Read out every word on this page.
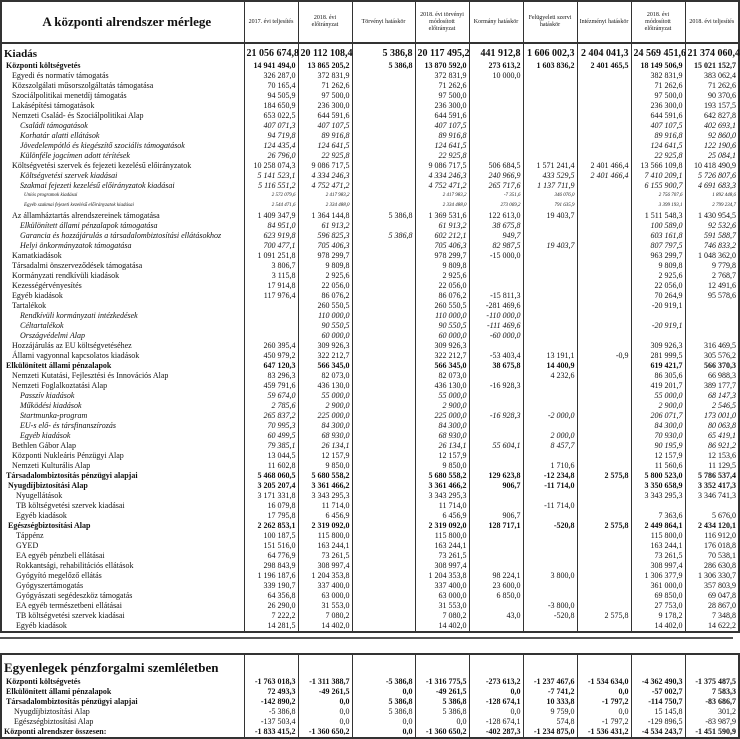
A központi alrendszer mérlege	2017. évi teljesítés	2018. évi előirányzat	Törvényi hatáskör	2018. évi törvényi módosított előirányzat	Kormány hatáskör	Felügyeleti szervi hatáskör	Intézményi hatáskör	2018. évi módosított előirányzat	2018. évi teljesítés
Kiadás	21 056 674,8	20 112 108,4	5 386,8	20 117 495,2	441 912,8	1 606 002,3	2 404 041,3	24 569 451,6	21 374 060,4
Központi költségvetés	14 941 494,0	13 865 205,2	5 386,8	13 870 592,0	273 613,2	1 603 836,2	2 401 465,5	18 149 506,9	15 021 152,7
Egyedi és normatív támogatás	326 287,0	372 831,9		372 831,9	10 000,0			382 831,9	383 062,4
Közszolgálati műsorszolgáltatás támogatása	70 165,4	71 262,6		71 262,6				71 262,6	71 262,6
Szociálpolitikai menetdíj támogatás	94 505,9	97 500,0		97 500,0				97 500,0	90 370,6
Lakásépítési támogatások	184 650,9	236 300,0		236 300,0				236 300,0	193 157,5
Nemzeti Család- és Szociálpolitikai Alap	653 022,5	644 591,6		644 591,6				644 591,6	642 827,8
Családi támogatások	407 071,3	407 107,5		407 107,5				407 107,5	402 693,1
Korhatár alatti ellátások	94 719,8	89 916,8		89 916,8				89 916,8	92 860,0
Jövedelempótló és kiegészítő szociális támogatások	124 435,4	124 641,5		124 641,5				124 641,5	122 190,6
Különféle jogcímen adott térítések	26 796,0	22 925,8		22 925,8				22 925,8	25 084,1
Költségvetési szervek és fejezeti kezelésű előirányzatok	10 258 074,3	9 086 717,5		9 086 717,5	506 684,5	1 571 241,4	2 401 466,4	13 566 109,8	10 418 490,9
Költségvetési szervek kiadásai	5 141 523,1	4 334 246,3		4 334 246,3	240 966,9	433 529,5	2 401 466,4	7 410 209,1	5 726 807,6
Szakmai fejezeti kezelésű előirányzatok kiadásai	5 116 551,2	4 752 471,2		4 752 471,2	265 717,6	1 137 711,9		6 155 900,7	4 691 683,3
Uniós programok kiadásai	2 572 079,6	2 417 983,2		2 417 983,2	-7 351,6	346 076,0		2 756 707,6	1 892 448,6
Egyéb szakmai fejezeti kezelésű előirányzatok kiadásai	2 544 471,6	2 334 488,0		2 334 488,0	273 069,2	791 635,9		3 399 193,1	2 799 234,7
Az államháztartás alrendszereinek támogatása	1 409 347,9	1 364 144,8	5 386,8	1 369 531,6	122 613,0	19 403,7		1 511 548,3	1 430 954,5
Elkülönített állami pénzalapok támogatása	84 951,0	61 913,2		61 913,2	38 675,8			100 589,0	92 532,6
Garancia és hozzájárulás a társadalombiztosítási ellátásokhoz	623 919,8	596 825,3	5 386,8	602 212,1	949,7			603 161,8	591 588,7
Helyi önkormányzatok támogatása	700 477,1	705 406,3		705 406,3	82 987,5	19 403,7		807 797,5	746 833,2
Kamatkiadások	1 091 251,8	978 299,7		978 299,7	-15 000,0			963 299,7	1 048 362,0
Társadalmi önszerveződések támogatása	3 806,7	9 809,8		9 809,8				9 809,8	9 779,8
Kormányzati rendkívüli kiadások	3 115,8	2 925,6		2 925,6				2 925,6	2 768,7
Kezességérvényesítés	17 914,8	22 056,0		22 056,0				22 056,0	12 491,6
Egyéb kiadások	117 976,4	86 076,2		86 076,2	-15 811,3			70 264,9	95 578,6
Tartalékok		260 550,5		260 550,5	-281 469,6			-20 919,1	
Rendkívüli kormányzati intézkedések		110 000,0		110 000,0	-110 000,0				
Céltartalékok		90 550,5		90 550,5	-111 469,6			-20 919,1	
Országvédelmi Alap		60 000,0		60 000,0	-60 000,0				
Hozzájárulás az EU költségvetéséhez	260 395,4	309 926,3		309 926,3				309 926,3	316 469,5
Állami vagyonnal kapcsolatos kiadások	450 979,2	322 212,7		322 212,7	-53 403,4	13 191,1	-0,9	281 999,5	305 576,2
Elkülönített állami pénzalapok	647 120,3	566 345,0		566 345,0	38 675,8	14 400,9		619 421,7	566 370,3
Nemzeti Kutatási, Fejlesztési és Innovációs Alap	83 296,3	82 073,0		82 073,0		4 232,6		86 305,6	66 988,3
Nemzeti Foglalkoztatási Alap	459 791,6	436 130,0		436 130,0	-16 928,3			419 201,7	389 177,7
Passzív kiadások	59 674,0	55 000,0		55 000,0				55 000,0	68 147,3
Működési kiadások	2 785,6	2 900,0		2 900,0				2 900,0	2 546,5
Startmunka-program	265 837,2	225 000,0		225 000,0	-16 928,3	-2 000,0		206 071,7	173 001,0
EU-s elő- és társfinanszírozás	70 995,3	84 300,0		84 300,0				84 300,0	80 063,8
Egyéb kiadások	60 499,5	68 930,0		68 930,0		2 000,0		70 930,0	65 419,1
Bethlen Gábor Alap	79 385,1	26 134,1		26 134,1	55 604,1	8 457,7		90 195,9	86 921,2
Központi Nukleáris Pénzügyi Alap	13 044,5	12 157,9		12 157,9				12 157,9	12 153,6
Nemzeti Kulturális Alap	11 602,8	9 850,0		9 850,0		1 710,6		11 560,6	11 129,5
Társadalombiztosítás pénzügyi alapjai	5 468 060,5	5 680 558,2		5 680 558,2	129 623,8	-12 234,8	2 575,8	5 800 523,0	5 786 537,4
Nyugdíjbiztosítási Alap	3 205 207,4	3 361 466,2		3 361 466,2	906,7	-11 714,0		3 350 658,9	3 352 417,3
Nyugellátások	3 171 331,8	3 343 295,3		3 343 295,3				3 343 295,3	3 346 741,3
TB költségvetési szervek kiadásai	16 079,8	11 714,0		11 714,0		-11 714,0			
Egyéb kiadások	17 795,8	6 456,9		6 456,9	906,7			7 363,6	5 676,0
Egészségbiztosítási Alap	2 262 853,1	2 319 092,0		2 319 092,0	128 717,1	-520,8	2 575,8	2 449 864,1	2 434 120,1
Táppénz	100 187,5	115 800,0		115 800,0				115 800,0	116 912,0
GYED	151 516,0	163 244,1		163 244,1				163 244,1	176 018,8
EA egyéb pénzbeli ellátásai	64 776,9	73 261,5		73 261,5				73 261,5	70 538,1
Rokkantsági, rehabilitációs ellátások	298 843,9	308 997,4		308 997,4				308 997,4	286 630,8
Gyógyító megelőző ellátás	1 196 187,6	1 204 353,8		1 204 353,8	98 224,1	3 800,0		1 306 377,9	1 306 330,7
Gyógyszertámogatás	339 190,7	337 400,0		337 400,0	23 600,0			361 000,0	357 803,9
Gyógyászati segédeszköz támogatás	64 356,8	63 000,0		63 000,0	6 850,0			69 850,0	69 047,8
EA egyéb természetbeni ellátásai	26 290,0	31 553,0		31 553,0		-3 800,0		27 753,0	28 867,0
TB költségvetési szervek kiadásai	7 222,2	7 080,2		7 080,2	43,0	-520,8	2 575,8	9 178,2	7 348,8
Egyéb kiadások	14 281,5	14 402,0		14 402,0				14 402,0	14 622,2
Egyenlegek pénzforgalmi szemléletben									
Központi költségvetés	-1 763 018,3	-1 311 388,7	-5 386,8	-1 316 775,5	-273 613,2	-1 237 467,6	-1 534 634,0	-4 362 490,3	-1 375 487,5
Elkülönített állami pénzalapok	72 493,3	-49 261,5	0,0	-49 261,5	0,0	-7 741,2	0,0	-57 002,7	7 583,3
Társadalombiztosítás pénzügyi alapjai	-142 890,2	0,0	5 386,8	5 386,8	-128 674,1	10 333,8	-1 797,2	-114 750,7	-83 686,7
Nyugdíjbiztosítási Alap	-5 386,8	0,0	5 386,8	5 386,8	0,0	9 759,0	0,0	15 145,8	301,2
Egészségbiztosítási Alap	-137 503,4	0,0	0,0	0,0	-128 674,1	574,8	-1 797,2	-129 896,5	-83 987,9
Központi alrendszer összesen:	-1 833 415,2	-1 360 650,2	0,0	-1 360 650,2	-402 287,3	-1 234 875,0	-1 536 431,2	-4 534 243,7	-1 451 590,9
